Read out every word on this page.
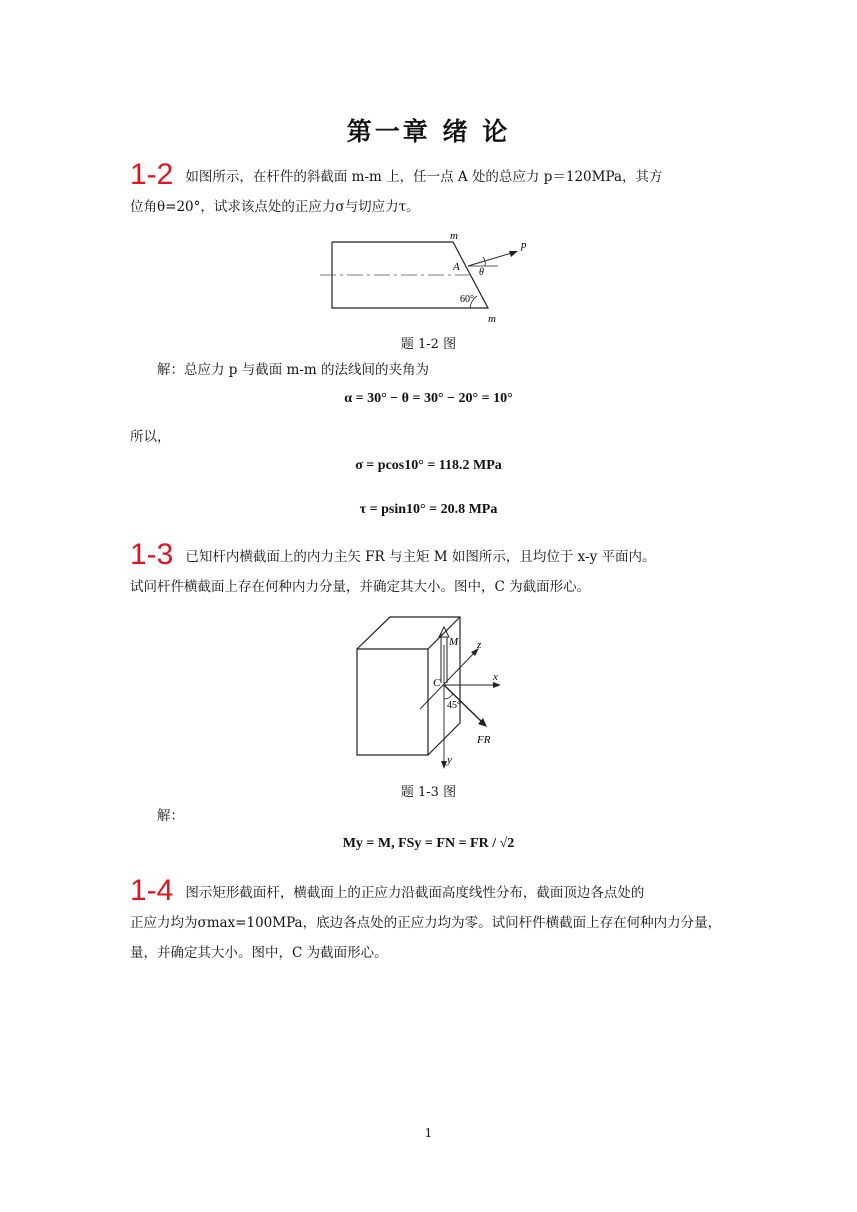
第一章 绪 论
1-2 如图所示，在杆件的斜截面 m-m 上，任一点 A 处的总应力 p＝120MPa，其方
位角θ=20°，试求该点处的正应力σ与切应力τ。
m
m
A
p
θ
60°
题 1-2 图
解：总应力 p 与截面 m-m 的法线间的夹角为
α = 30° − θ = 30° − 20° = 10°
所以，
σ = pcos10° = 118.2 MPa
τ = psin10° = 20.8 MPa
1-3 已知杆内横截面上的内力主矢 FR 与主矩 M 如图所示，且均位于 x-y 平面内。
试问杆件横截面上存在何种内力分量，并确定其大小。图中，C 为截面形心。
M z
x
C
45°
FR
y
题 1-3 图
解：
My = M, FSy = FN = FR / √2
1-4 图示矩形截面杆，横截面上的正应力沿截面高度线性分布，截面顶边各点处的
正应力均为σmax=100MPa，底边各点处的正应力均为零。试问杆件横截面上存在何种内力分量，
量，并确定其大小。图中，C 为截面形心。
1
